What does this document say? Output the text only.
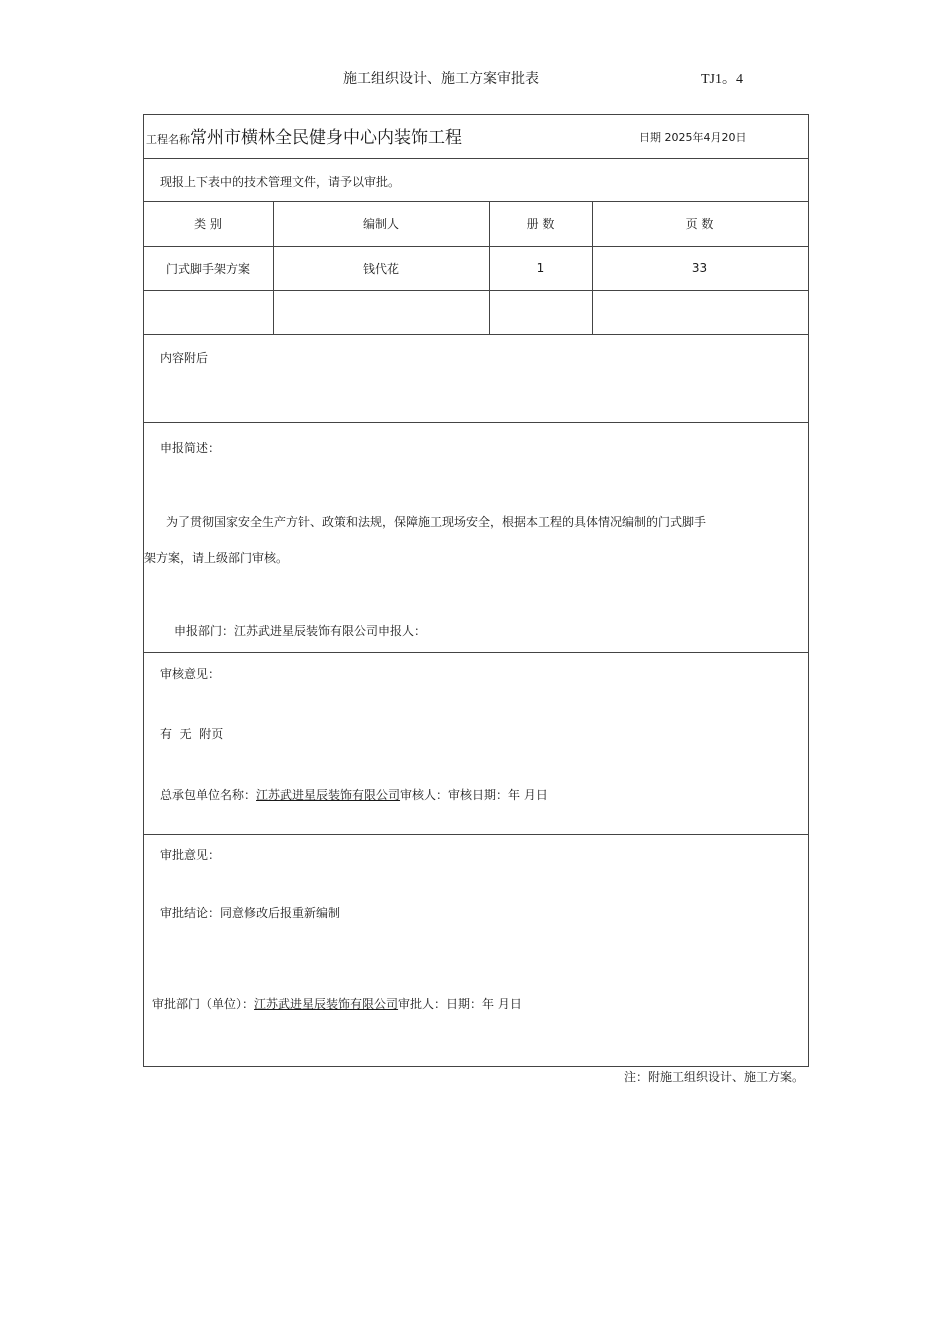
施工组织设计、施工方案审批表	TJ1。4
工程名称常州市横林全民健身中心内装饰工程	日期 2025年4月20日
现报上下表中的技术管理文件，请予以审批。
类 别	编制人	册 数	页 数
门式脚手架方案	钱代花	1	33
内容附后
申报简述：
为了贯彻国家安全生产方针、政策和法规，保障施工现场安全，根据本工程的具体情况编制的门式脚手
架方案，请上级部门审核。
申报部门：江苏武进星辰装饰有限公司申报人：
审核意见：
有  无  附页
总承包单位名称：江苏武进星辰装饰有限公司审核人：审核日期：年 月日
审批意见：
审批结论：同意修改后报重新编制
审批部门（单位）：江苏武进星辰装饰有限公司审批人：日期：年 月日
注：附施工组织设计、施工方案。
